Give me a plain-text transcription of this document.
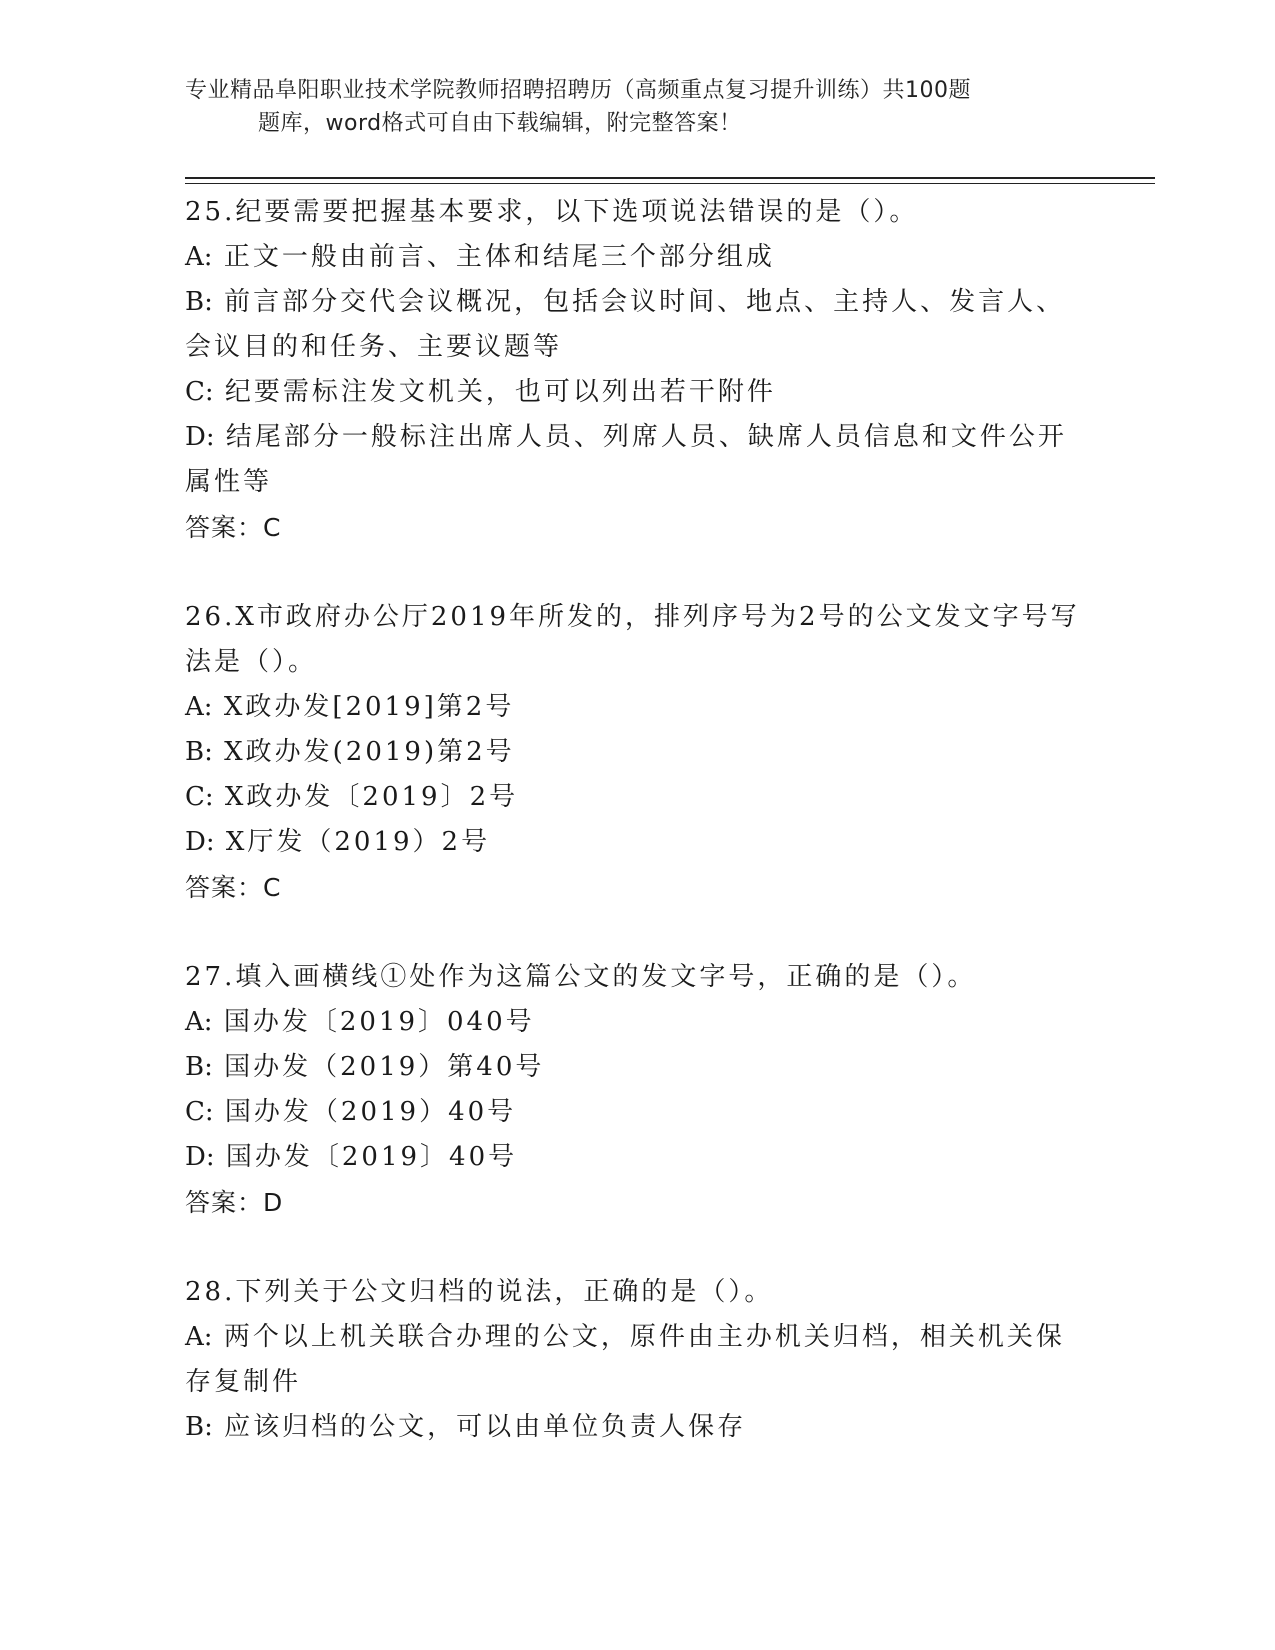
专业精品阜阳职业技术学院教师招聘招聘历（高频重点复习提升训练）共100题
题库，word格式可自由下载编辑，附完整答案！

25.纪要需要把握基本要求，以下选项说法错误的是（）。

A: 正文一般由前言、主体和结尾三个部分组成

B: 前言部分交代会议概况，包括会议时间、地点、主持人、发言人、会议目的和任务、主要议题等

C: 纪要需标注发文机关，也可以列出若干附件

D: 结尾部分一般标注出席人员、列席人员、缺席人员信息和文件公开属性等

答案：C

26.X市政府办公厅2019年所发的，排列序号为2号的公文发文字号写法是（）。

A: X政办发[2019]第2号

B: X政办发(2019)第2号

C: X政办发〔2019〕2号

D: X厅发（2019）2号

答案：C

27.填入画横线①处作为这篇公文的发文字号，正确的是（）。

A: 国办发〔2019〕040号

B: 国办发（2019）第40号

C: 国办发（2019）40号

D: 国办发〔2019〕40号

答案：D

28.下列关于公文归档的说法，正确的是（）。

A: 两个以上机关联合办理的公文，原件由主办机关归档，相关机关保存复制件

B: 应该归档的公文，可以由单位负责人保存
